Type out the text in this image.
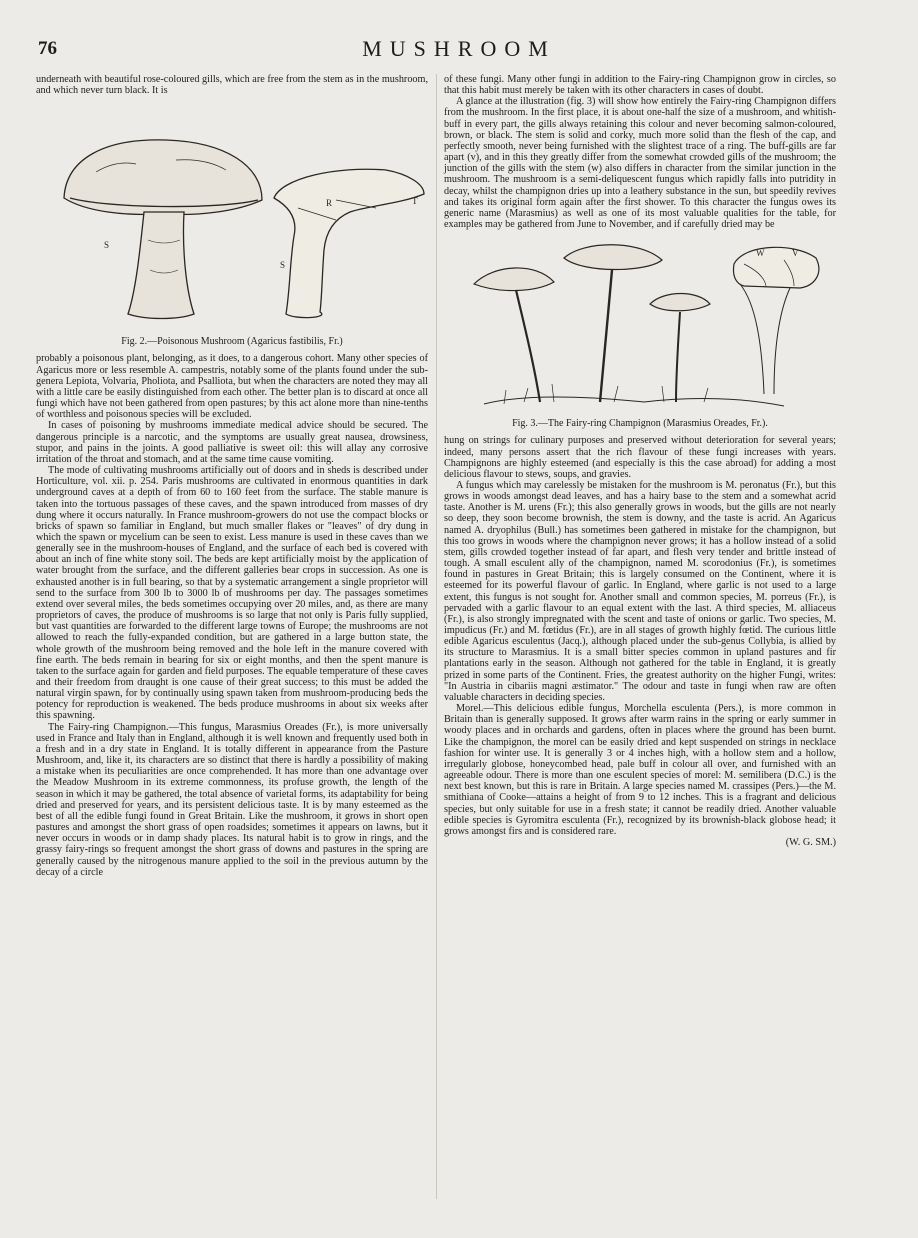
76	MUSHROOM

underneath with beautiful rose-coloured gills, which are free from the stem as in the mushroom, and which never turn black. It is

S
R	T
S
Fig. 2.—Poisonous Mushroom (Agaricus fastibilis, Fr.)

probably a poisonous plant, belonging, as it does, to a dangerous cohort. Many other species of Agaricus more or less resemble A. campestris, notably some of the plants found under the sub-genera Lepiota, Volvaria, Pholiota, and Psalliota, but when the characters are noted they may all with a little care be easily distinguished from each other. The better plan is to discard at once all fungi which have not been gathered from open pastures; by this act alone more than nine-tenths of worthless and poisonous species will be excluded.

In cases of poisoning by mushrooms immediate medical advice should be secured. The dangerous principle is a narcotic, and the symptoms are usually great nausea, drowsiness, stupor, and pains in the joints. A good palliative is sweet oil: this will allay any corrosive irritation of the throat and stomach, and at the same time cause vomiting.

The mode of cultivating mushrooms artificially out of doors and in sheds is described under Horticulture, vol. xii. p. 254. Paris mushrooms are cultivated in enormous quantities in dark underground caves at a depth of from 60 to 160 feet from the surface. The stable manure is taken into the tortuous passages of these caves, and the spawn introduced from masses of dry dung where it occurs naturally. In France mushroom-growers do not use the compact blocks or bricks of spawn so familiar in England, but much smaller flakes or "leaves" of dry dung in which the spawn or mycelium can be seen to exist. Less manure is used in these caves than we generally see in the mushroom-houses of England, and the surface of each bed is covered with about an inch of fine white stony soil. The beds are kept artificially moist by the application of water brought from the surface, and the different galleries bear crops in succession. As one is exhausted another is in full bearing, so that by a systematic arrangement a single proprietor will send to the surface from 300 lb to 3000 lb of mushrooms per day. The passages sometimes extend over several miles, the beds sometimes occupying over 20 miles, and, as there are many proprietors of caves, the produce of mushrooms is so large that not only is Paris fully supplied, but vast quantities are forwarded to the different large towns of Europe; the mushrooms are not allowed to reach the fully-expanded condition, but are gathered in a large button state, the whole growth of the mushroom being removed and the hole left in the manure covered with fine earth. The beds remain in bearing for six or eight months, and then the spent manure is taken to the surface again for garden and field purposes. The equable temperature of these caves and their freedom from draught is one cause of their great success; to this must be added the natural virgin spawn, for by continually using spawn taken from mushroom-producing beds the potency for reproduction is weakened. The beds produce mushrooms in about six weeks after this spawning.

The Fairy-ring Champignon.—This fungus, Marasmius Oreades (Fr.), is more universally used in France and Italy than in England, although it is well known and frequently used both in a fresh and in a dry state in England. It is totally different in appearance from the Pasture Mushroom, and, like it, its characters are so distinct that there is hardly a possibility of making a mistake when its peculiarities are once comprehended. It has more than one advantage over the Meadow Mushroom in its extreme commonness, its profuse growth, the length of the season in which it may be gathered, the total absence of varietal forms, its adaptability for being dried and preserved for years, and its persistent delicious taste. It is by many esteemed as the best of all the edible fungi found in Great Britain. Like the mushroom, it grows in short open pastures and amongst the short grass of open roadsides; sometimes it appears on lawns, but it never occurs in woods or in damp shady places. Its natural habit is to grow in rings, and the grassy fairy-rings so frequent amongst the short grass of downs and pastures in the spring are generally caused by the nitrogenous manure applied to the soil in the previous autumn by the decay of a circle

of these fungi. Many other fungi in addition to the Fairy-ring Champignon grow in circles, so that this habit must merely be taken with its other characters in cases of doubt.

A glance at the illustration (fig. 3) will show how entirely the Fairy-ring Champignon differs from the mushroom. In the first place, it is about one-half the size of a mushroom, and whitish-buff in every part, the gills always retaining this colour and never becoming salmon-coloured, brown, or black. The stem is solid and corky, much more solid than the flesh of the cap, and perfectly smooth, never being furnished with the slightest trace of a ring. The buff-gills are far apart (v), and in this they greatly differ from the somewhat crowded gills of the mushroom; the junction of the gills with the stem (w) also differs in character from the similar junction in the mushroom. The mushroom is a semi-deliquescent fungus which rapidly falls into putridity in decay, whilst the champignon dries up into a leathery substance in the sun, but speedily revives and takes its original form again after the first shower. To this character the fungus owes its generic name (Marasmius) as well as one of its most valuable qualities for the table, for examples may be gathered from June to November, and if carefully dried may be

W	V
Fig. 3.—The Fairy-ring Champignon (Marasmius Oreades, Fr.).

hung on strings for culinary purposes and preserved without deterioration for several years; indeed, many persons assert that the rich flavour of these fungi increases with years. Champignons are highly esteemed (and especially is this the case abroad) for adding a most delicious flavour to stews, soups, and gravies.

A fungus which may carelessly be mistaken for the mushroom is M. peronatus (Fr.), but this grows in woods amongst dead leaves, and has a hairy base to the stem and a somewhat acrid taste. Another is M. urens (Fr.); this also generally grows in woods, but the gills are not nearly so deep, they soon become brownish, the stem is downy, and the taste is acrid. An Agaricus named A. dryophilus (Bull.) has sometimes been gathered in mistake for the champignon, but this too grows in woods where the champignon never grows; it has a hollow instead of a solid stem, gills crowded together instead of far apart, and flesh very tender and brittle instead of tough. A small esculent ally of the champignon, named M. scorodonius (Fr.), is sometimes found in pastures in Great Britain; this is largely consumed on the Continent, where it is esteemed for its powerful flavour of garlic. In England, where garlic is not used to a large extent, this fungus is not sought for. Another small and common species, M. porreus (Fr.), is pervaded with a garlic flavour to an equal extent with the last. A third species, M. alliaceus (Fr.), is also strongly impregnated with the scent and taste of onions or garlic. Two species, M. impudicus (Fr.) and M. fœtidus (Fr.), are in all stages of growth highly fœtid. The curious little edible Agaricus esculentus (Jacq.), although placed under the sub-genus Collybia, is allied by its structure to Marasmius. It is a small bitter species common in upland pastures and fir plantations early in the season. Although not gathered for the table in England, it is greatly prized in some parts of the Continent. Fries, the greatest authority on the higher Fungi, writes: "In Austria in cibariis magni æstimator." The odour and taste in fungi when raw are often valuable characters in deciding species.

Morel.—This delicious edible fungus, Morchella esculenta (Pers.), is more common in Britain than is generally supposed. It grows after warm rains in the spring or early summer in woody places and in orchards and gardens, often in places where the ground has been burnt. Like the champignon, the morel can be easily dried and kept suspended on strings in necklace fashion for winter use. It is generally 3 or 4 inches high, with a hollow stem and a hollow, irregularly globose, honeycombed head, pale buff in colour all over, and furnished with an agreeable odour. There is more than one esculent species of morel: M. semilibera (D.C.) is the next best known, but this is rare in Britain. A large species named M. crassipes (Pers.)—the M. smithiana of Cooke—attains a height of from 9 to 12 inches. This is a fragrant and delicious species, but only suitable for use in a fresh state; it cannot be readily dried. Another valuable edible species is Gyromitra esculenta (Fr.), recognized by its brownish-black globose head; it grows amongst firs and is considered rare.

(W. G. SM.)
